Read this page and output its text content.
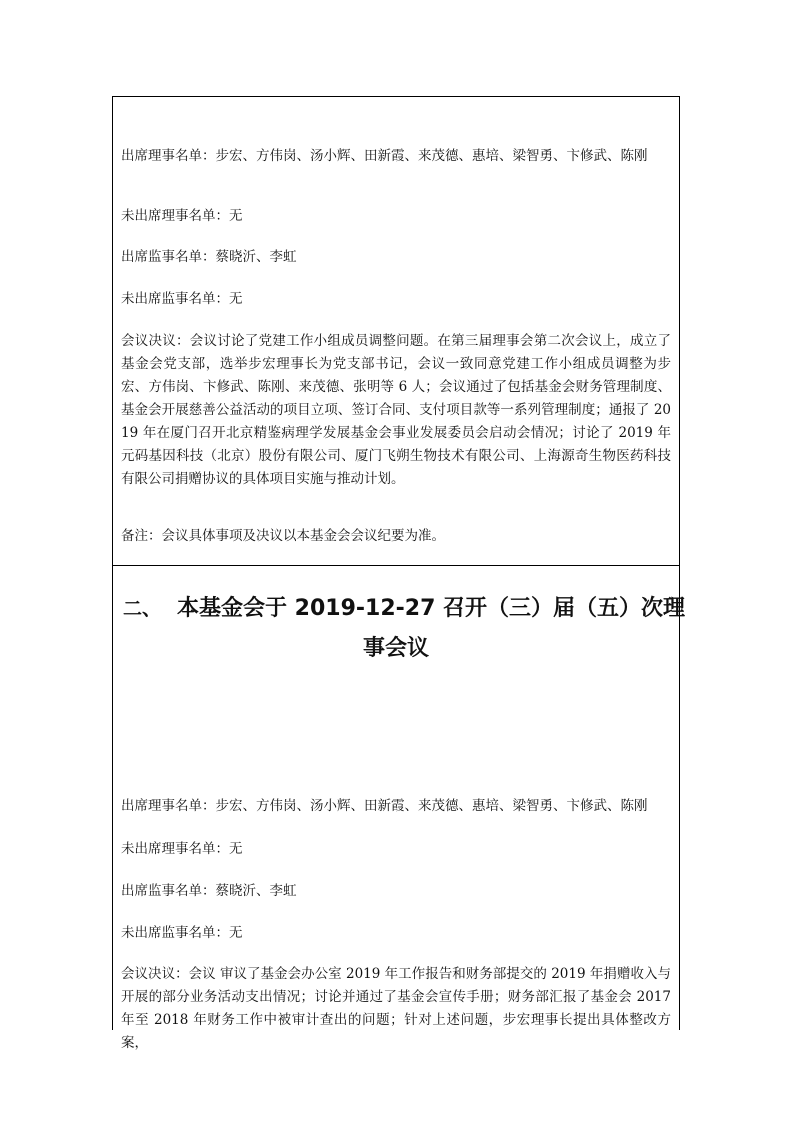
出席理事名单：步宏、方伟岗、汤小辉、田新霞、来茂德、惠培、梁智勇、卞修武、陈刚

未出席理事名单：无

出席监事名单：蔡晓沂、李虹

未出席监事名单：无

会议决议：会议讨论了党建工作小组成员调整问题。在第三届理事会第二次会议上，成立了基金会党支部，选举步宏理事长为党支部书记，会议一致同意党建工作小组成员调整为步宏、方伟岗、卞修武、陈刚、来茂德、张明等 6 人；会议通过了包括基金会财务管理制度、基金会开展慈善公益活动的项目立项、签订合同、支付项目款等一系列管理制度；通报了 2019 年在厦门召开北京精鉴病理学发展基金会事业发展委员会启动会情况；讨论了 2019 年元码基因科技（北京）股份有限公司、厦门飞朔生物技术有限公司、上海源奇生物医药科技有限公司捐赠协议的具体项目实施与推动计划。

备注：会议具体事项及决议以本基金会会议纪要为准。

二、 本基金会于 2019-12-27 召开（三）届（五）次理
事会议

出席理事名单：步宏、方伟岗、汤小辉、田新霞、来茂德、惠培、梁智勇、卞修武、陈刚

未出席理事名单：无

出席监事名单：蔡晓沂、李虹

未出席监事名单：无

会议决议：会议 审议了基金会办公室 2019 年工作报告和财务部提交的 2019 年捐赠收入与开展的部分业务活动支出情况；讨论并通过了基金会宣传手册；财务部汇报了基金会 2017 年至 2018 年财务工作中被审计查出的问题；针对上述问题，步宏理事长提出具体整改方案，
